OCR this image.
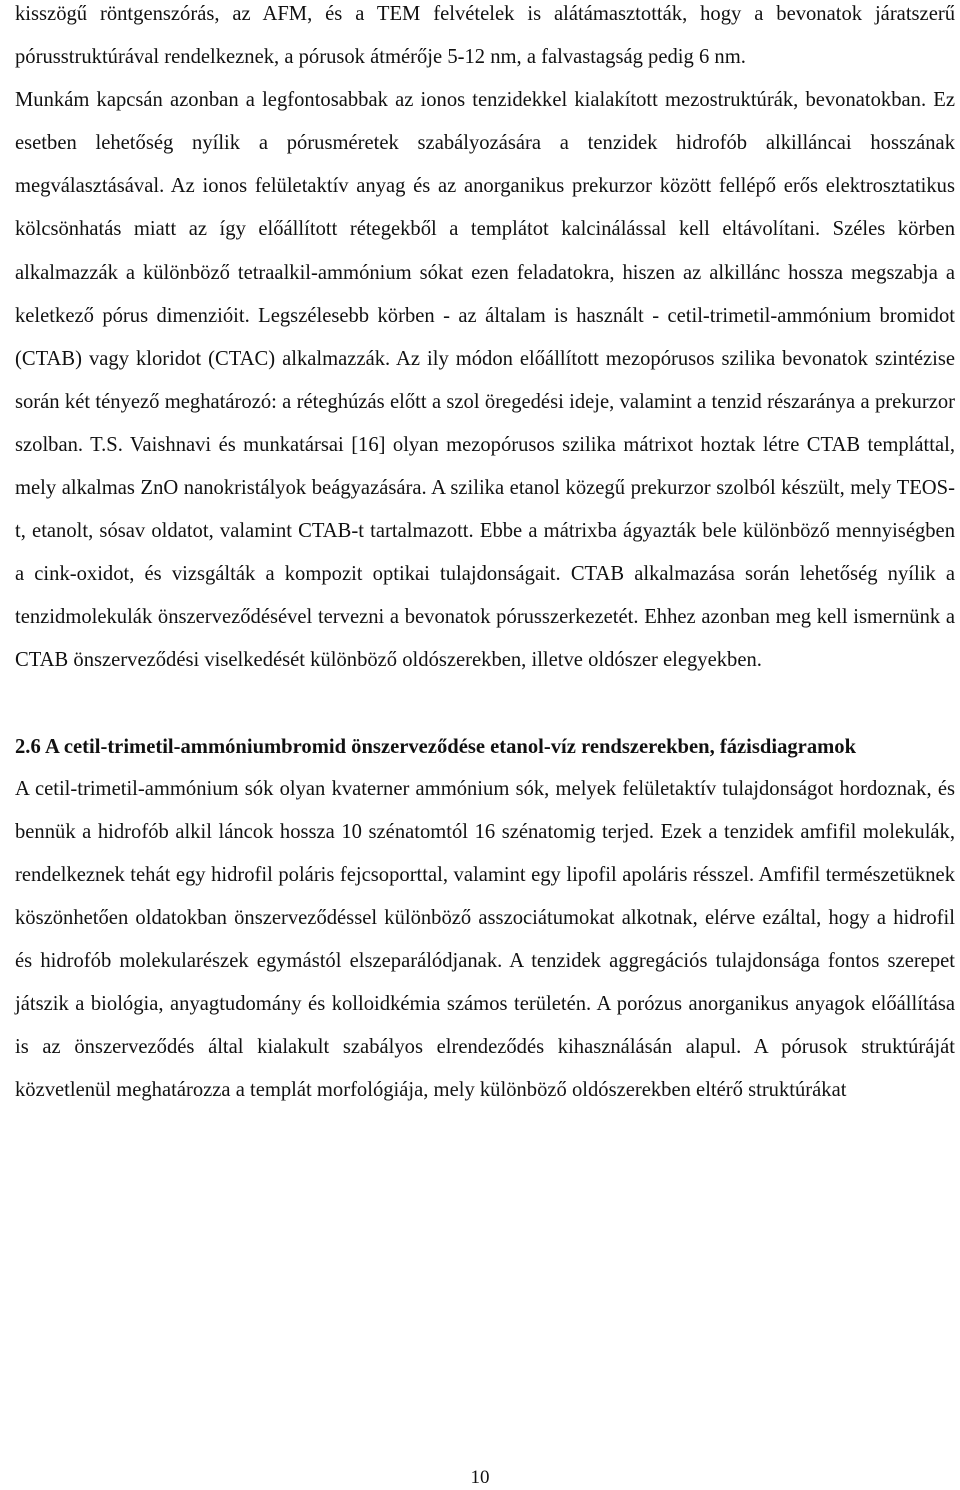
kisszögű röntgenszórás, az AFM, és a TEM felvételek is alátámasztották, hogy a bevonatok járatszerű pórusstruktúrával rendelkeznek, a pórusok átmérője 5-12 nm, a falvastagság pedig 6 nm.

Munkám kapcsán azonban a legfontosabbak az ionos tenzidekkel kialakított mezostruktúrák, bevonatokban. Ez esetben lehetőség nyílik a pórusméretek szabályozására a tenzidek hidrofób alkilláncai hosszának megválasztásával. Az ionos felületaktív anyag és az anorganikus prekurzor között fellépő erős elektrosztatikus kölcsönhatás miatt az így előállított rétegekből a templátot kalcinálással kell eltávolítani. Széles körben alkalmazzák a különböző tetraalkil-ammónium sókat ezen feladatokra, hiszen az alkillánc hossza megszabja a keletkező pórus dimenzióit. Legszélesebb körben - az általam is használt - cetil-trimetil-ammónium bromidot (CTAB) vagy kloridot (CTAC) alkalmazzák. Az ily módon előállított mezopórusos szilika bevonatok szintézise során két tényező meghatározó: a réteghúzás előtt a szol öregedési ideje, valamint a tenzid részaránya a prekurzor szolban. T.S. Vaishnavi és munkatársai [16] olyan mezopórusos szilika mátrixot hoztak létre CTAB templáttal, mely alkalmas ZnO nanokristályok beágyazására. A szilika etanol közegű prekurzor szolból készült, mely TEOS-t, etanolt, sósav oldatot, valamint CTAB-t tartalmazott. Ebbe a mátrixba ágyazták bele különböző mennyiségben a cink-oxidot, és vizsgálták a kompozit optikai tulajdonságait. CTAB alkalmazása során lehetőség nyílik a tenzidmolekulák önszerveződésével tervezni a bevonatok pórusszerkezetét. Ehhez azonban meg kell ismernünk a CTAB önszerveződési viselkedését különböző oldószerekben, illetve oldószer elegyekben.

2.6 A cetil-trimetil-ammóniumbromid önszerveződése etanol-víz rendszerekben, fázisdiagramok

A cetil-trimetil-ammónium sók olyan kvaterner ammónium sók, melyek felületaktív tulajdonságot hordoznak, és bennük a hidrofób alkil láncok hossza 10 szénatomtól 16 szénatomig terjed. Ezek a tenzidek amfifil molekulák, rendelkeznek tehát egy hidrofil poláris fejcsoporttal, valamint egy lipofil apoláris résszel. Amfifil természetüknek köszönhetően oldatokban önszerveződéssel különböző asszociátumokat alkotnak, elérve ezáltal, hogy a hidrofil és hidrofób molekularészek egymástól elszeparálódjanak. A tenzidek aggregációs tulajdonsága fontos szerepet játszik a biológia, anyagtudomány és kolloidkémia számos területén. A porózus anorganikus anyagok előállítása is az önszerveződés által kialakult szabályos elrendeződés kihasználásán alapul. A pórusok struktúráját közvetlenül meghatározza a templát morfológiája, mely különböző oldószerekben eltérő struktúrákat

10
